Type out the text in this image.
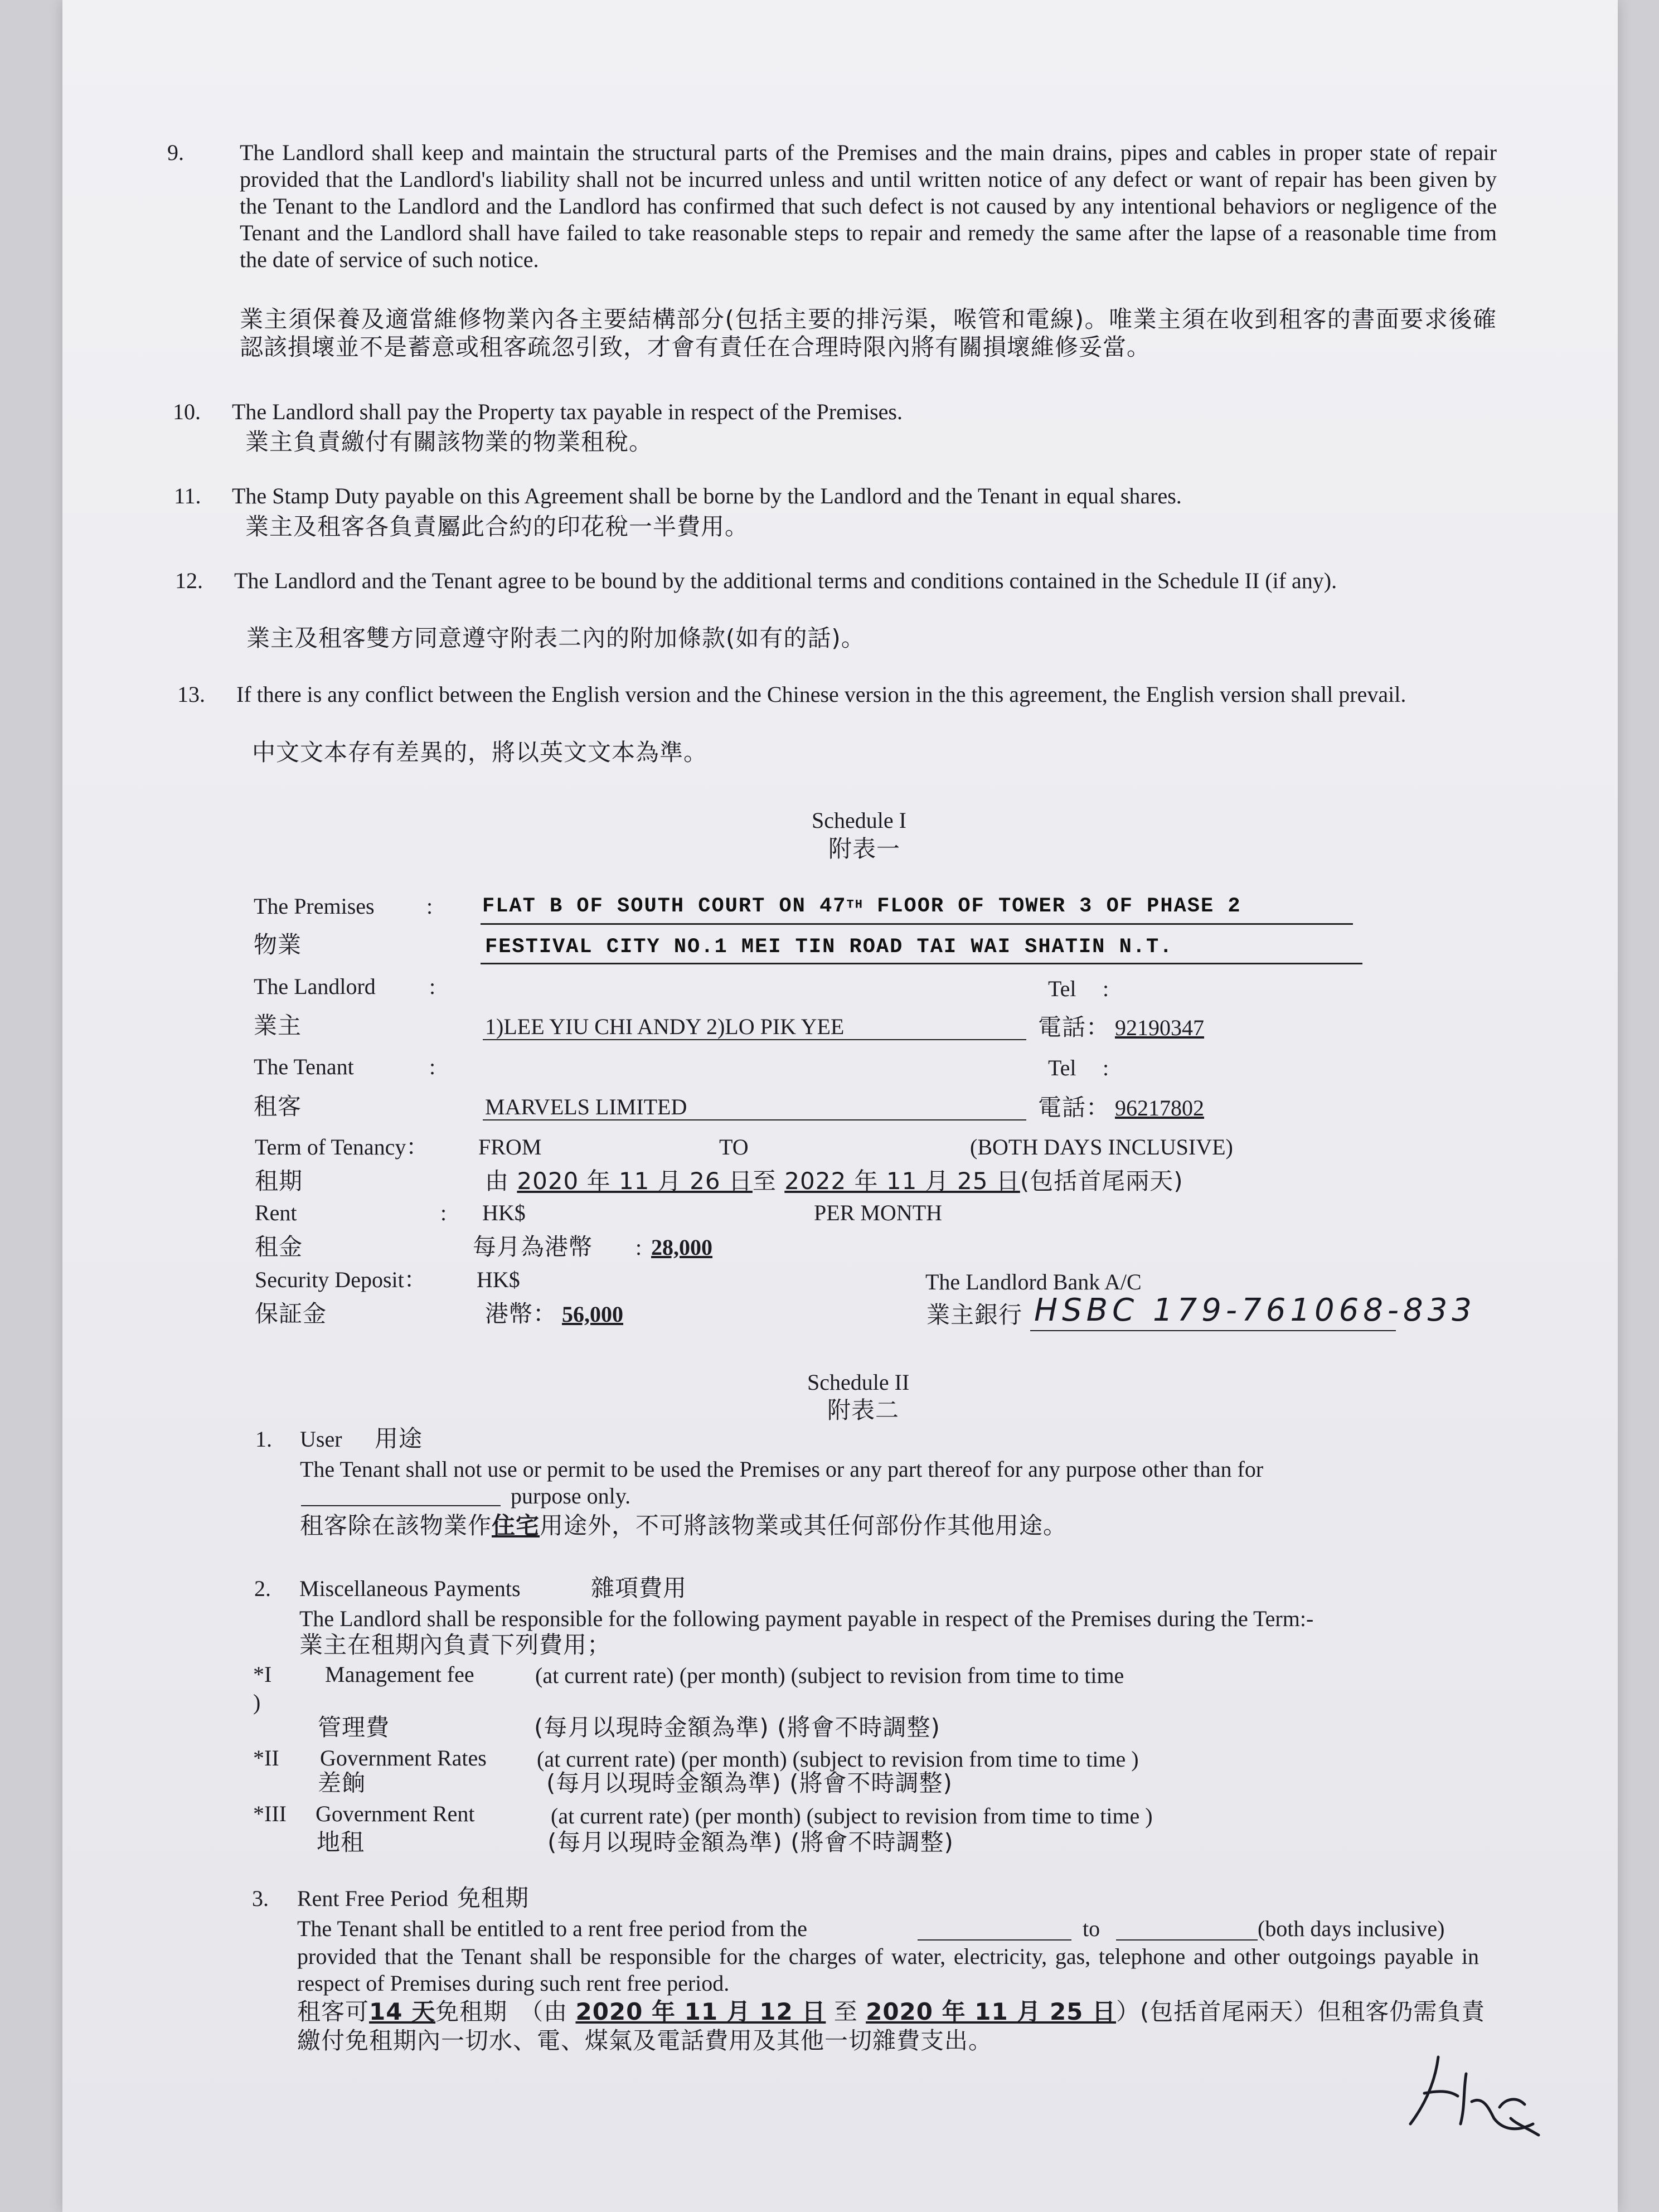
9.	The Landlord shall keep and maintain the structural parts of the Premises and the main drains, pipes and cables in proper state of repair provided that the Landlord's liability shall not be incurred unless and until written notice of any defect or want of repair has been given by the Tenant to the Landlord and the Landlord has confirmed that such defect is not caused by any intentional behaviors or negligence of the Tenant and the Landlord shall have failed to take reasonable steps to repair and remedy the same after the lapse of a reasonable time from the date of service of such notice.
業主須保養及適當維修物業內各主要結構部分(包括主要的排污渠，喉管和電線)。唯業主須在收到租客的書面要求後確認該損壞並不是蓄意或租客疏忽引致，才會有責任在合理時限內將有關損壞維修妥當。
10. The Landlord shall pay the Property tax payable in respect of the Premises.
業主負責繳付有關該物業的物業租稅。
11. The Stamp Duty payable on this Agreement shall be borne by the Landlord and the Tenant in equal shares.
業主及租客各負責屬此合約的印花稅一半費用。
12. The Landlord and the Tenant agree to be bound by the additional terms and conditions contained in the Schedule II (if any).
業主及租客雙方同意遵守附表二內的附加條款(如有的話)。
13. If there is any conflict between the English version and the Chinese version in the this agreement, the English version shall prevail.
中文文本存有差異的，將以英文文本為準。
Schedule I
附表一
The Premises :
物業
FLAT B OF SOUTH COURT ON 47TH FLOOR OF TOWER 3 OF PHASE 2
FESTIVAL CITY NO.1 MEI TIN ROAD TAI WAI SHATIN N.T.
The Landlord :	Tel :
業主	1)LEE YIU CHI ANDY 2)LO PIK YEE	電話： 92190347
The Tenant	:	Tel :
租客	MARVELS LIMITED	電話： 96217802
Term of Tenancy： FROM	TO	(BOTH DAYS INCLUSIVE)
租期	由 2020 年 11 月 26 日至 2022 年 11 月 25 日(包括首尾兩天)
Rent	: HK$	PER MONTH
租金	每月為港幣 : 28,000
Security Deposit： HK$	The Landlord Bank A/C
保証金	港幣： 56,000	業主銀行 HSBC 179-761068-833
Schedule II
附表二
1. User 用途
The Tenant shall not use or permit to be used the Premises or any part thereof for any purpose other than for
purpose only.
租客除在該物業作住宅用途外，不可將該物業或其任何部份作其他用途。
2. Miscellaneous Payments	雜項費用
The Landlord shall be responsible for the following payment payable in respect of the Premises during the Term:-
業主在租期內負責下列費用；
*I Management fee	(at current rate) (per month) (subject to revision from time to time
)
管理費	(每月以現時金額為準) (將會不時調整)
*II Government Rates (at current rate) (per month) (subject to revision from time to time )
差餉	(每月以現時金額為準) (將會不時調整)
*III Government Rent	(at current rate) (per month) (subject to revision from time to time )
地租	(每月以現時金額為準) (將會不時調整)
3. Rent Free Period 免租期
The Tenant shall be entitled to a rent free period from the	to	(both days inclusive)
provided that the Tenant shall be responsible for the charges of water, electricity, gas, telephone and other outgoings payable in respect of Premises during such rent free period.
租客可14 天免租期　（由 2020 年 11 月 12 日 至 2020 年 11 月 25 日）(包括首尾兩天）但租客仍需負責
繳付免租期內一切水、電、煤氣及電話費用及其他一切雜費支出。
